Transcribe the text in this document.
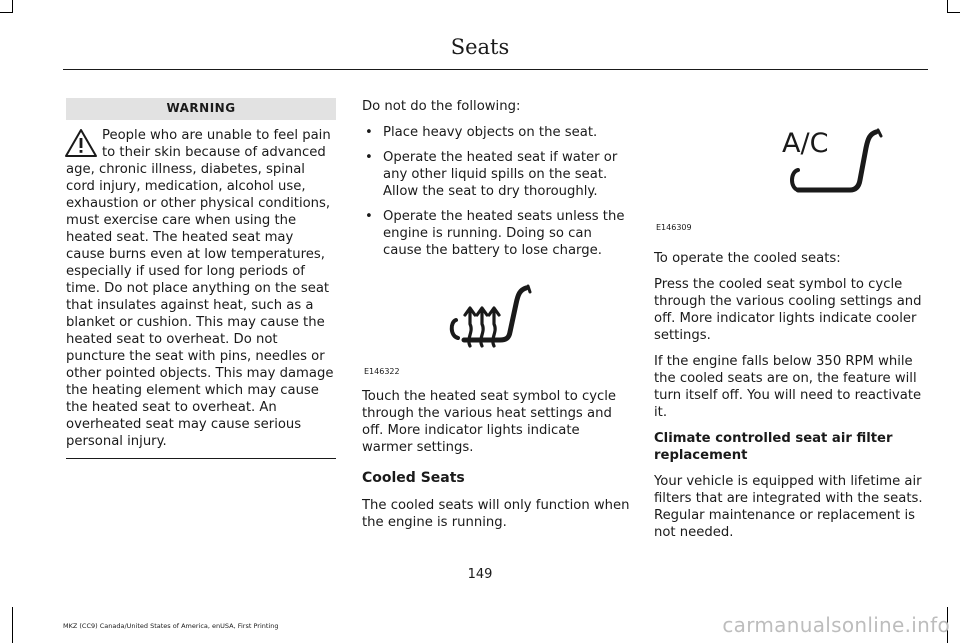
Seats
WARNING
People who are unable to feel pain to their skin because of advanced age, chronic illness, diabetes, spinal cord injury, medication, alcohol use, exhaustion or other physical conditions, must exercise care when using the heated seat. The heated seat may cause burns even at low temperatures, especially if used for long periods of time. Do not place anything on the seat that insulates against heat, such as a blanket or cushion. This may cause the heated seat to overheat. Do not puncture the seat with pins, needles or other pointed objects. This may damage the heating element which may cause the heated seat to overheat. An overheated seat may cause serious personal injury.

Do not do the following:

• Place heavy objects on the seat.
• Operate the heated seat if water or any other liquid spills on the seat. Allow the seat to dry thoroughly.
• Operate the heated seats unless the engine is running. Doing so can cause the battery to lose charge.
E146322

Touch the heated seat symbol to cycle through the various heat settings and off. More indicator lights indicate warmer settings.

Cooled Seats

The cooled seats will only function when the engine is running.

A/C
E146309

To operate the cooled seats:

Press the cooled seat symbol to cycle through the various cooling settings and off. More indicator lights indicate cooler settings.

If the engine falls below 350 RPM while the cooled seats are on, the feature will turn itself off. You will need to reactivate it.

Climate controlled seat air filter replacement

Your vehicle is equipped with lifetime air filters that are integrated with the seats. Regular maintenance or replacement is not needed.

149
MKZ (CC9) Canada/United States of America, enUSA, First Printing	carmanualsonline.info
